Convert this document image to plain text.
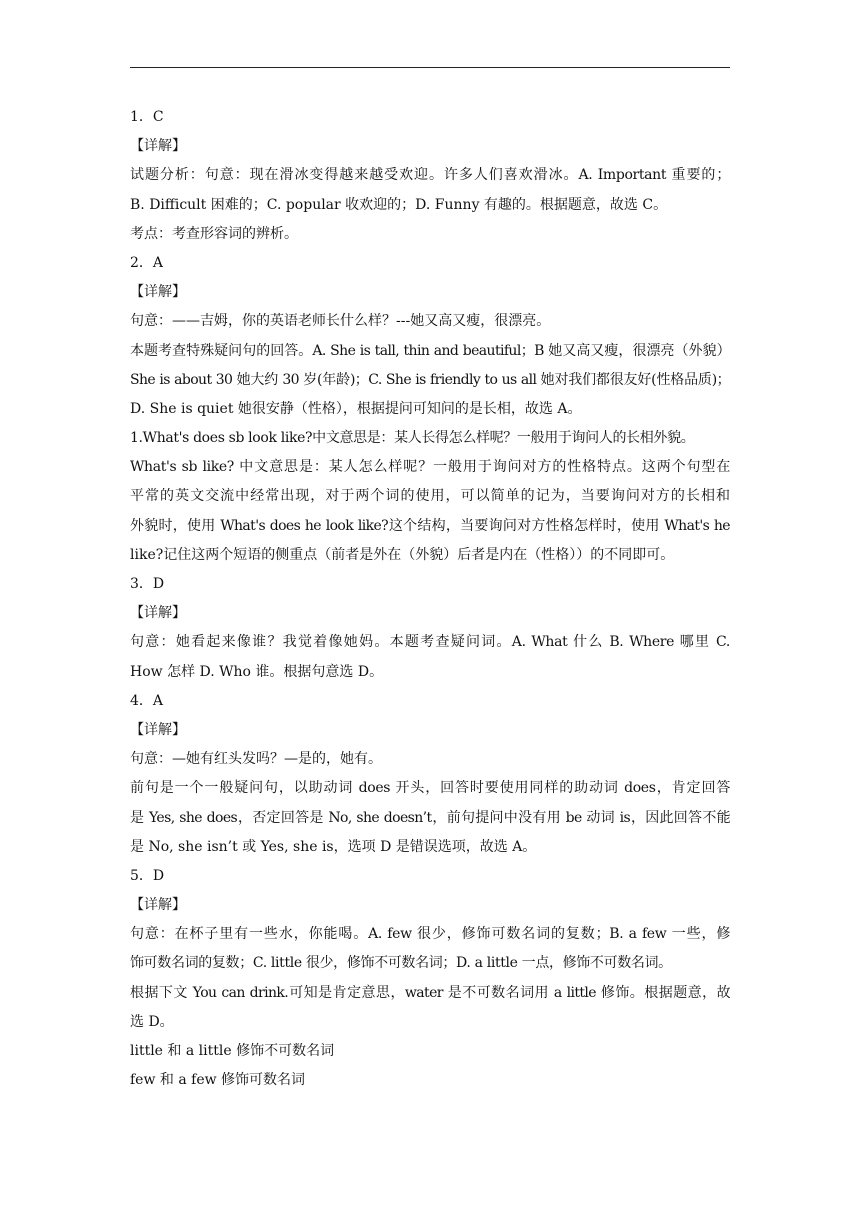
1．C
【详解】
试题分析：句意：现在滑冰变得越来越受欢迎。许多人们喜欢滑冰。A. Important 重要的；
B. Difficult 困难的；C. popular 收欢迎的；D. Funny 有趣的。根据题意，故选 C。
考点：考查形容词的辨析。
2．A
【详解】
句意：——吉姆，你的英语老师长什么样？---她又高又瘦，很漂亮。
本题考查特殊疑问句的回答。A. She is tall, thin and beautiful；B 她又高又瘦，很漂亮（外貌）
She is about 30 她大约 30 岁(年龄)；C. She is friendly to us all 她对我们都很友好(性格品质)；
D. She is quiet 她很安静（性格），根据提问可知问的是长相，故选 A。
1.What's does sb look like?中文意思是：某人长得怎么样呢？一般用于询问人的长相外貌。
What's sb like? 中文意思是：某人怎么样呢？一般用于询问对方的性格特点。这两个句型在
平常的英文交流中经常出现，对于两个词的使用，可以简单的记为，当要询问对方的长相和
外貌时，使用 What's does he look like?这个结构，当要询问对方性格怎样时，使用 What's he
like?记住这两个短语的侧重点（前者是外在（外貌）后者是内在（性格））的不同即可。
3．D
【详解】
句意：她看起来像谁？我觉着像她妈。本题考查疑问词。A. What 什么 B. Where 哪里 C.
How 怎样 D. Who 谁。根据句意选 D。
4．A
【详解】
句意：—她有红头发吗？—是的，她有。
前句是一个一般疑问句，以助动词 does 开头，回答时要使用同样的助动词 does，肯定回答
是 Yes, she does，否定回答是 No, she doesn’t，前句提问中没有用 be 动词 is，因此回答不能
是 No, she isn’t 或 Yes, she is，选项 D 是错误选项，故选 A。
5．D
【详解】
句意：在杯子里有一些水，你能喝。A. few 很少，修饰可数名词的复数；B. a few 一些，修
饰可数名词的复数；C. little 很少，修饰不可数名词；D. a little 一点，修饰不可数名词。
根据下文 You can drink.可知是肯定意思，water 是不可数名词用 a little 修饰。根据题意，故
选 D。
little 和 a little 修饰不可数名词
few 和 a few 修饰可数名词
